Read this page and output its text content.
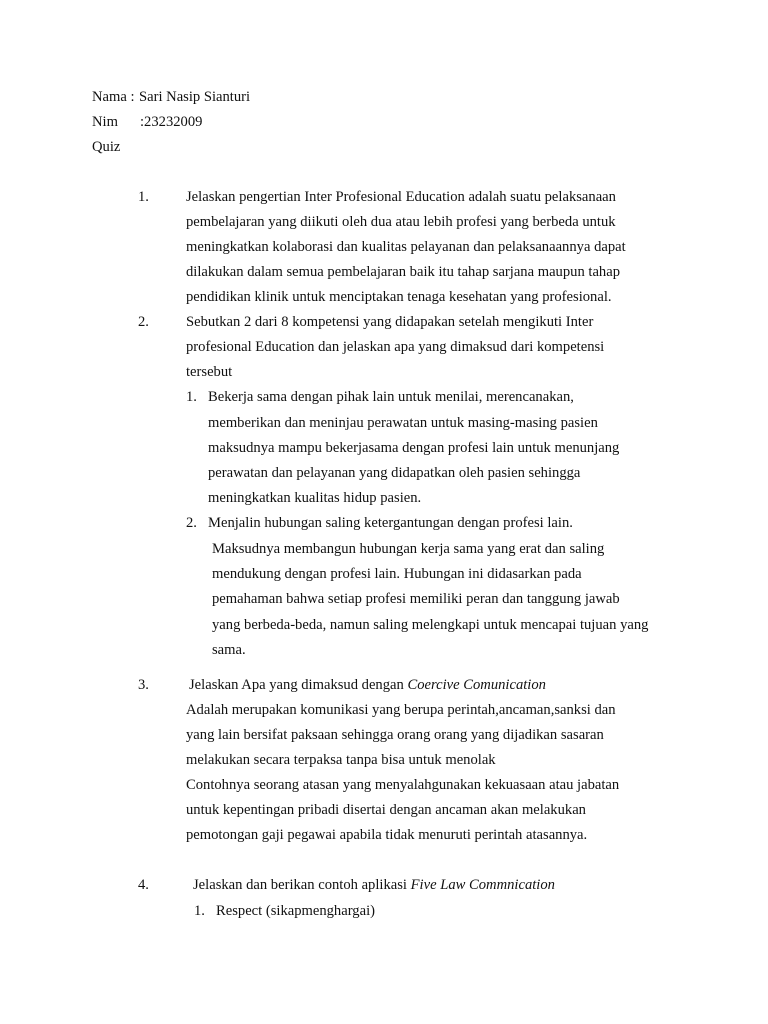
Nama : Sari Nasip Sianturi
Nim :23232009
Quiz
1.	Jelaskan pengertian Inter Profesional Education adalah suatu pelaksanaan
pembelajaran yang diikuti oleh dua atau lebih profesi yang berbeda untuk
meningkatkan kolaborasi dan kualitas pelayanan dan pelaksanaannya dapat
dilakukan dalam semua pembelajaran baik itu tahap sarjana maupun tahap
pendidikan klinik untuk menciptakan tenaga kesehatan yang profesional.
2.	Sebutkan 2 dari 8 kompetensi yang didapakan setelah mengikuti Inter
profesional Education dan jelaskan apa yang dimaksud dari kompetensi
tersebut
1. Bekerja sama dengan pihak lain untuk menilai, merencanakan,
memberikan dan meninjau perawatan untuk masing-masing pasien
maksudnya mampu bekerjasama dengan profesi lain untuk menunjang
perawatan dan pelayanan yang didapatkan oleh pasien sehingga
meningkatkan kualitas hidup pasien.
2. Menjalin hubungan saling ketergantungan dengan profesi lain.
Maksudnya membangun hubungan kerja sama yang erat dan saling
mendukung dengan profesi lain. Hubungan ini didasarkan pada
pemahaman bahwa setiap profesi memiliki peran dan tanggung jawab
yang berbeda-beda, namun saling melengkapi untuk mencapai tujuan yang
sama.
3.	Jelaskan Apa yang dimaksud dengan Coercive Comunication
Adalah merupakan komunikasi yang berupa perintah,ancaman,sanksi dan
yang lain bersifat paksaan sehingga orang orang yang dijadikan sasaran
melakukan secara terpaksa tanpa bisa untuk menolak
Contohnya seorang atasan yang menyalahgunakan kekuasaan atau jabatan
untuk kepentingan pribadi disertai dengan ancaman akan melakukan
pemotongan gaji pegawai apabila tidak menuruti perintah atasannya.
4.	Jelaskan dan berikan contoh aplikasi Five Law Commnication
1. Respect (sikapmenghargai)
